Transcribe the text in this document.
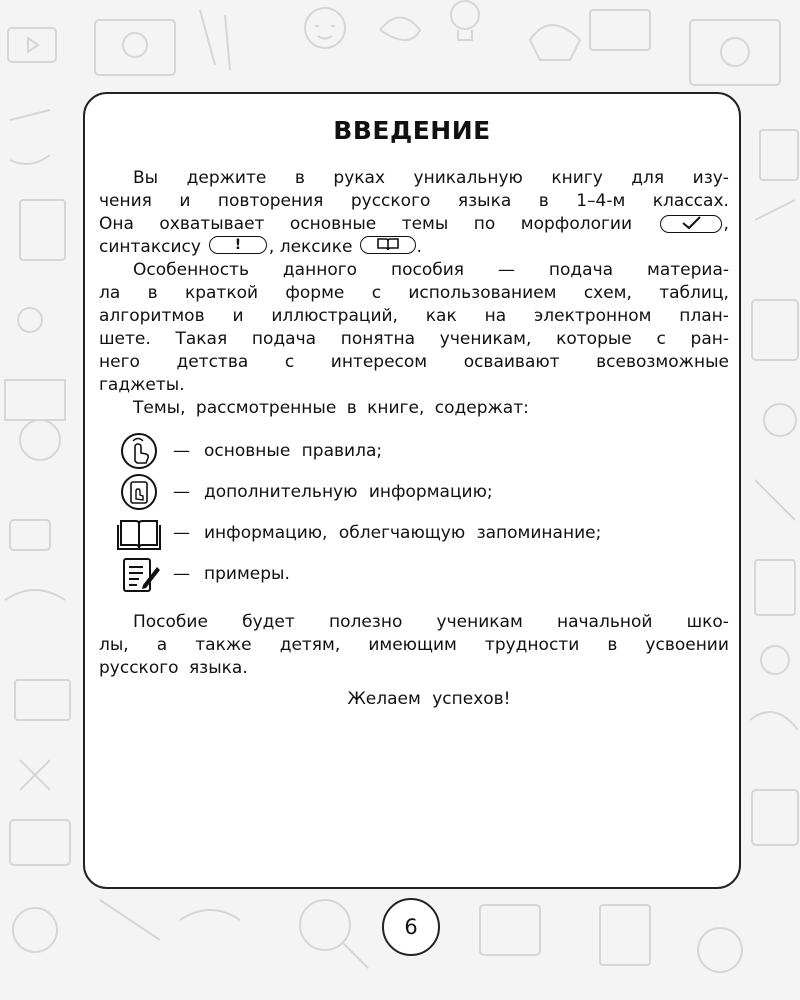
ВВЕДЕНИЕ
Вы держите в руках уникальную книгу для изу-
чения и повторения русского языка в 1–4-м классах.
Она охватывает основные темы по морфологии	,
синтаксису	!	, лексике	.
Особенность данного пособия — подача материа-
ла в краткой форме с использованием схем, таблиц,
алгоритмов и иллюстраций, как на электронном план-
шете. Такая подача понятна ученикам, которые с ран-
него детства с интересом осваивают всевозможные
гаджеты.
Темы, рассмотренные в книге, содержат:
— основные правила;
— дополнительную информацию;
— информацию, облегчающую запоминание;
— примеры.
Пособие будет полезно ученикам начальной шко-
лы, а также детям, имеющим трудности в усвоении
русского языка.
Желаем успехов!
6
